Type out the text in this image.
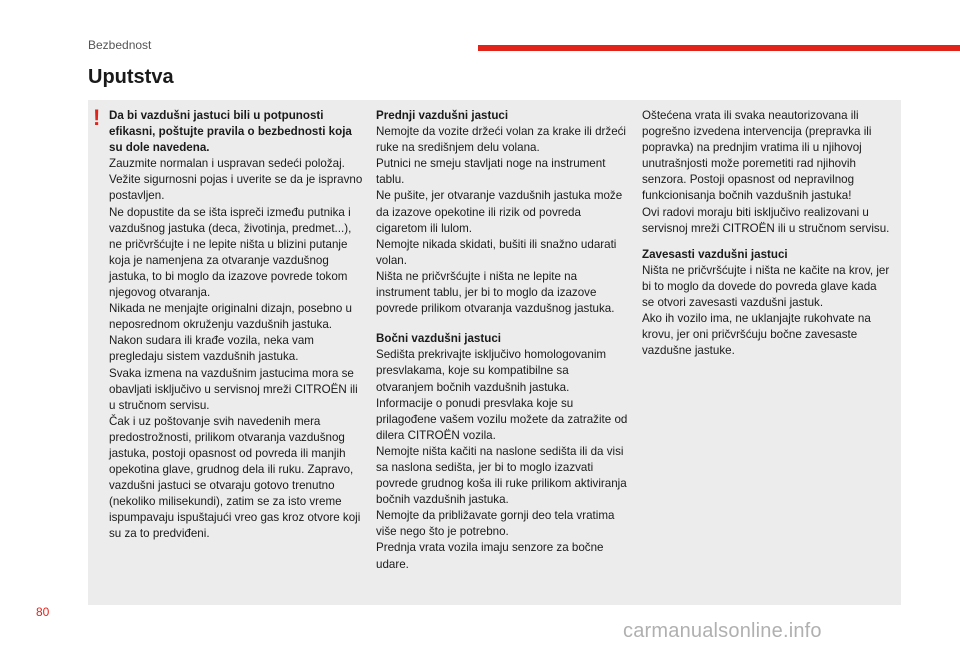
Bezbednost
Uputstva
! Da bi vazdušni jastuci bili u potpunosti efikasni, poštujte pravila o bezbednosti koja su dole navedena.

Zauzmite normalan i uspravan sedeći položaj.

Vežite sigurnosni pojas i uverite se da je ispravno postavljen.

Ne dopustite da se išta ispreči između putnika i vazdušnog jastuka (deca, životinja, predmet...), ne pričvršćujte i ne lepite ništa u blizini putanje koja je namenjena za otvaranje vazdušnog jastuka, to bi moglo da izazove povrede tokom njegovog otvaranja.

Nikada ne menjajte originalni dizajn, posebno u neposrednom okruženju vazdušnih jastuka.

Nakon sudara ili krađe vozila, neka vam pregledaju sistem vazdušnih jastuka.

Svaka izmena na vazdušnim jastucima mora se obavljati isključivo u servisnoj mreži CITROËN ili u stručnom servisu.

Čak i uz poštovanje svih navedenih mera predostrožnosti, prilikom otvaranja vazdušnog jastuka, postoji opasnost od povreda ili manjih opekotina glave, grudnog dela ili ruku. Zapravo, vazdušni jastuci se otvaraju gotovo trenutno (nekoliko milisekundi), zatim se za isto vreme ispumpavaju ispuštajući vreo gas kroz otvore koji su za to predviđeni.

Prednji vazdušni jastuci

Nemojte da vozite držeći volan za krake ili držeći ruke na središnjem delu volana.

Putnici ne smeju stavljati noge na instrument tablu.

Ne pušite, jer otvaranje vazdušnih jastuka može da izazove opekotine ili rizik od povreda cigaretom ili lulom.

Nemojte nikada skidati, bušiti ili snažno udarati volan.

Ništa ne pričvršćujte i ništa ne lepite na instrument tablu, jer bi to moglo da izazove povrede prilikom otvaranja vazdušnog jastuka.

Bočni vazdušni jastuci

Sedišta prekrivajte isključivo homologovanim presvlakama, koje su kompatibilne sa otvaranjem bočnih vazdušnih jastuka. Informacije o ponudi presvlaka koje su prilagođene vašem vozilu možete da zatražite od dilera CITROËN vozila.

Nemojte ništa kačiti na naslone sedišta ili da visi sa naslona sedišta, jer bi to moglo izazvati povrede grudnog koša ili ruke prilikom aktiviranja bočnih vazdušnih jastuka.

Nemojte da približavate gornji deo tela vratima više nego što je potrebno.

Prednja vrata vozila imaju senzore za bočne udare.

Oštećena vrata ili svaka neautorizovana ili pogrešno izvedena intervencija (prepravka ili popravka) na prednjim vratima ili u njihovoj unutrašnjosti može poremetiti rad njihovih senzora. Postoji opasnost od nepravilnog funkcionisanja bočnih vazdušnih jastuka!

Ovi radovi moraju biti isključivo realizovani u servisnoj mreži CITROËN ili u stručnom servisu.

Zavesasti vazdušni jastuci

Ništa ne pričvršćujte i ništa ne kačite na krov, jer bi to moglo da dovede do povreda glave kada se otvori zavesasti vazdušni jastuk.

Ako ih vozilo ima, ne uklanjajte rukohvate na krovu, jer oni pričvršćuju bočne zavesaste vazdušne jastuke.

80
carmanualsonline.info
